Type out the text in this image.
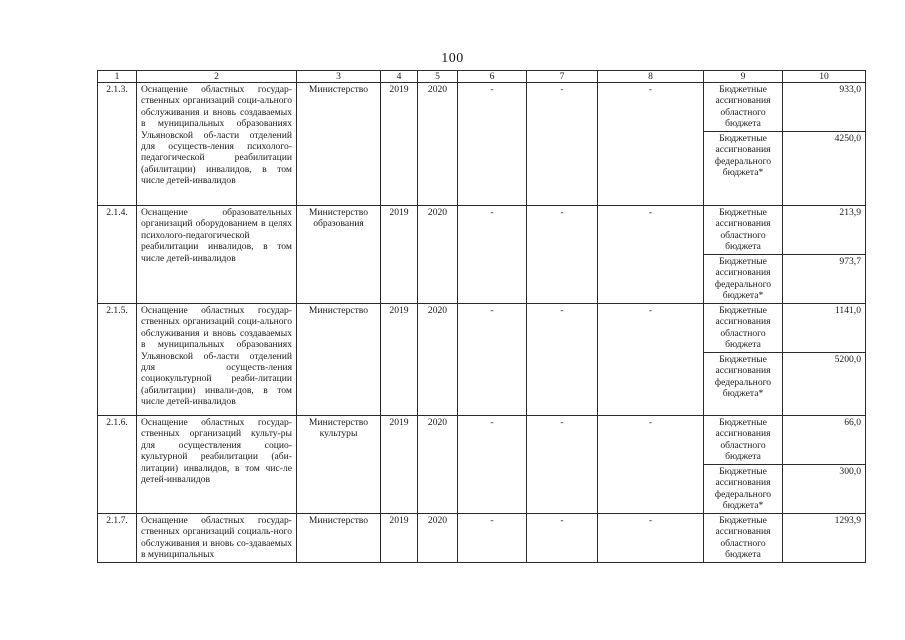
100
1	2	3	4	5	6	7	8	9	10
2.1.3.	Оснащение областных государ-ственных организаций соци-ального обслуживания и вновь создаваемых в муниципальных образованиях Ульяновской об-ласти отделений для осуществ-ления психолого-педагогической реабилитации (абилитации) инвалидов, в том числе детей-инвалидов	Министерство	2019	2020	-	-	-	Бюджетные ассигнования областного бюджета	933,0
								Бюджетные ассигнования федерального бюджета*	4250,0
2.1.4.	Оснащение образовательных организаций оборудованием в целях психолого-педагогической реабилитации инвалидов, в том числе детей-инвалидов	Министерство образования	2019	2020	-	-	-	Бюджетные ассигнования областного бюджета	213,9
								Бюджетные ассигнования федерального бюджета*	973,7
2.1.5.	Оснащение областных государ-ственных организаций соци-ального обслуживания и вновь создаваемых в муниципальных образованиях Ульяновской об-ласти отделений для осуществ-ления социокультурной реаби-литации (абилитации) инвали-дов, в том числе детей-инвалидов	Министерство	2019	2020	-	-	-	Бюджетные ассигнования областного бюджета	1141,0
								Бюджетные ассигнования федерального бюджета*	5200,0
2.1.6.	Оснащение областных государ-ственных организаций культу-ры для осуществления социо-культурной реабилитации (аби-литации) инвалидов, в том чис-ле детей-инвалидов	Министерство культуры	2019	2020	-	-	-	Бюджетные ассигнования областного бюджета	66,0
								Бюджетные ассигнования федерального бюджета*	300,0
2.1.7.	Оснащение областных государ-ственных организаций социаль-ного обслуживания и вновь со-здаваемых в муниципальных	Министерство	2019	2020	-	-	-	Бюджетные ассигнования областного бюджета	1293,9
